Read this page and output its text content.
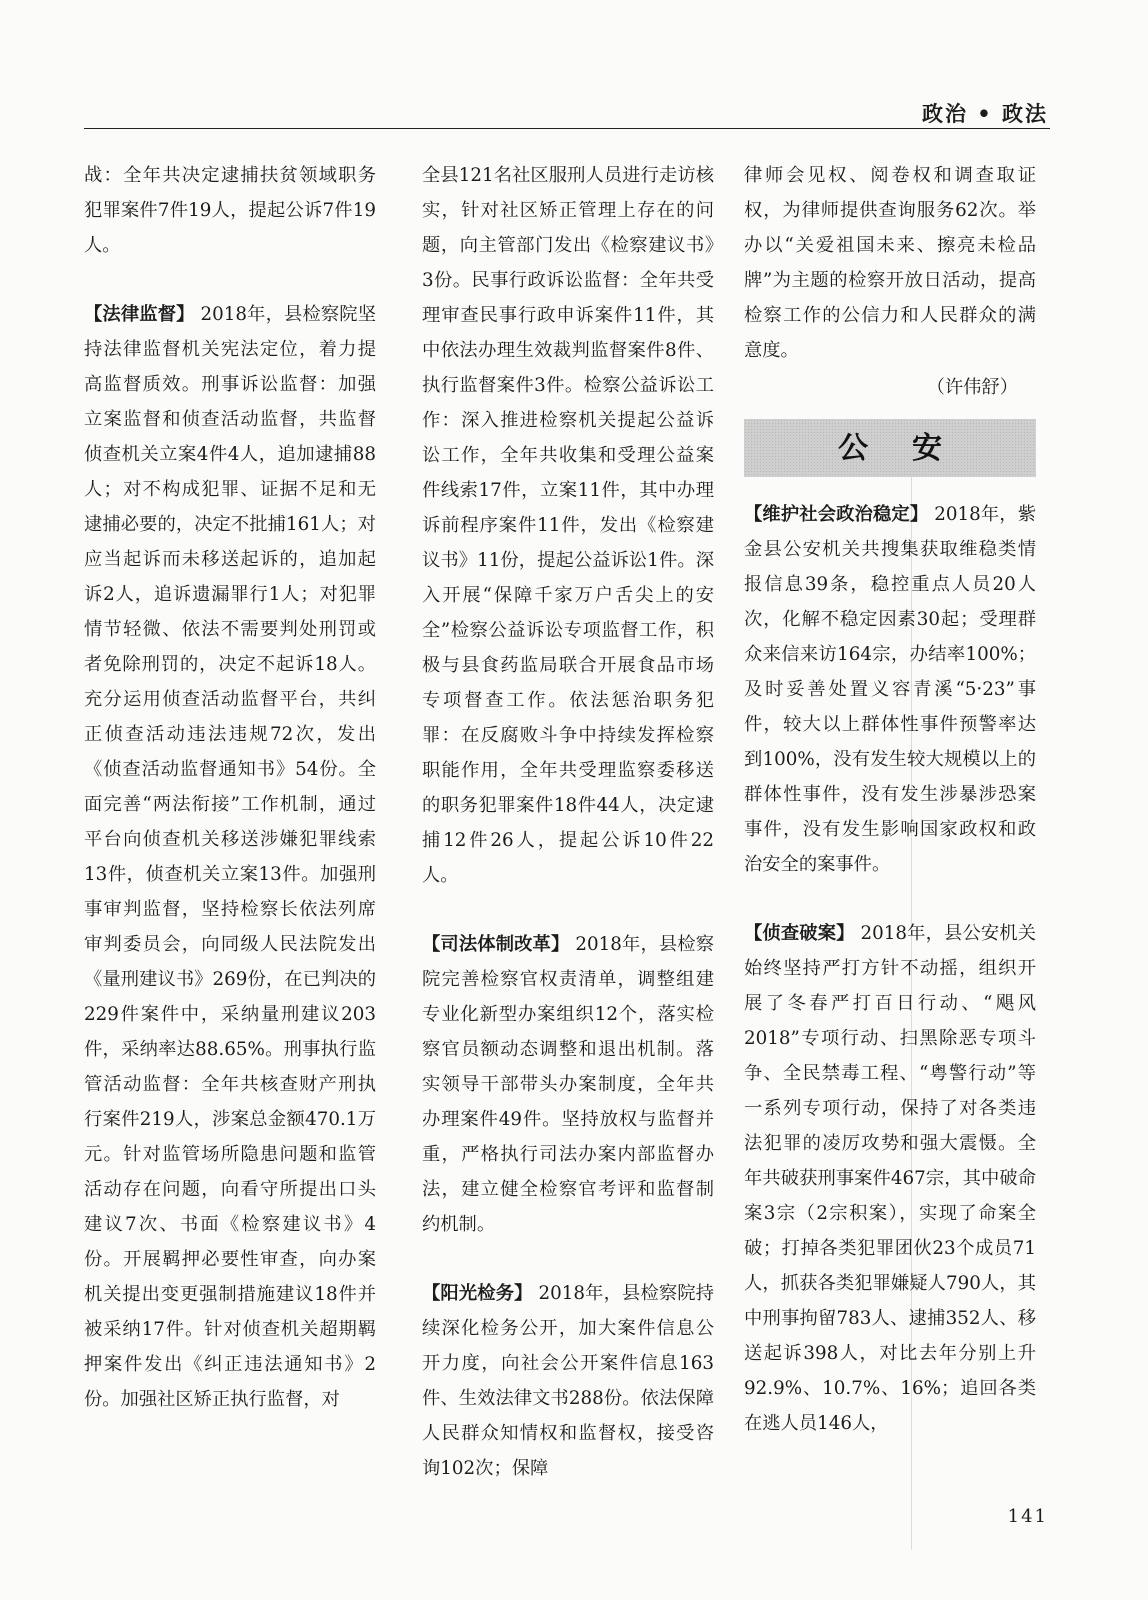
政治 • 政法

战：全年共决定逮捕扶贫领域职务犯罪案件7件19人，提起公诉7件19人。

【法律监督】 2018年，县检察院坚持法律监督机关宪法定位，着力提高监督质效。刑事诉讼监督：加强立案监督和侦查活动监督，共监督侦查机关立案4件4人，追加逮捕88人；对不构成犯罪、证据不足和无逮捕必要的，决定不批捕161人；对应当起诉而未移送起诉的，追加起诉2人，追诉遗漏罪行1人；对犯罪情节轻微、依法不需要判处刑罚或者免除刑罚的，决定不起诉18人。充分运用侦查活动监督平台，共纠正侦查活动违法违规72次，发出《侦查活动监督通知书》54份。全面完善“两法衔接”工作机制，通过平台向侦查机关移送涉嫌犯罪线索13件，侦查机关立案13件。加强刑事审判监督，坚持检察长依法列席审判委员会，向同级人民法院发出《量刑建议书》269份，在已判决的229件案件中，采纳量刑建议203件，采纳率达88.65%。刑事执行监管活动监督：全年共核查财产刑执行案件219人，涉案总金额470.1万元。针对监管场所隐患问题和监管活动存在问题，向看守所提出口头建议7次、书面《检察建议书》4份。开展羁押必要性审查，向办案机关提出变更强制措施建议18件并被采纳17件。针对侦查机关超期羁押案件发出《纠正违法通知书》2份。加强社区矫正执行监督，对

全县121名社区服刑人员进行走访核实，针对社区矫正管理上存在的问题，向主管部门发出《检察建议书》3份。民事行政诉讼监督：全年共受理审查民事行政申诉案件11件，其中依法办理生效裁判监督案件8件、执行监督案件3件。检察公益诉讼工作：深入推进检察机关提起公益诉讼工作，全年共收集和受理公益案件线索17件，立案11件，其中办理诉前程序案件11件，发出《检察建议书》11份，提起公益诉讼1件。深入开展“保障千家万户舌尖上的安全”检察公益诉讼专项监督工作，积极与县食药监局联合开展食品市场专项督查工作。依法惩治职务犯罪：在反腐败斗争中持续发挥检察职能作用，全年共受理监察委移送的职务犯罪案件18件44人，决定逮捕12件26人，提起公诉10件22人。

【司法体制改革】 2018年，县检察院完善检察官权责清单，调整组建专业化新型办案组织12个，落实检察官员额动态调整和退出机制。落实领导干部带头办案制度，全年共办理案件49件。坚持放权与监督并重，严格执行司法办案内部监督办法，建立健全检察官考评和监督制约机制。

【阳光检务】 2018年，县检察院持续深化检务公开，加大案件信息公开力度，向社会公开案件信息163件、生效法律文书288份。依法保障人民群众知情权和监督权，接受咨询102次；保障

律师会见权、阅卷权和调查取证权，为律师提供查询服务62次。举办以“关爱祖国未来、擦亮未检品牌”为主题的检察开放日活动，提高检察工作的公信力和人民群众的满意度。

（许伟舒）

公安

【维护社会政治稳定】 2018年，紫金县公安机关共搜集获取维稳类情报信息39条，稳控重点人员20人次，化解不稳定因素30起；受理群众来信来访164宗，办结率100%；及时妥善处置义容青溪“5·23”事件，较大以上群体性事件预警率达到100%，没有发生较大规模以上的群体性事件，没有发生涉暴涉恐案事件，没有发生影响国家政权和政治安全的案事件。

【侦查破案】 2018年，县公安机关始终坚持严打方针不动摇，组织开展了冬春严打百日行动、“飓风2018”专项行动、扫黑除恶专项斗争、全民禁毒工程、“粤警行动”等一系列专项行动，保持了对各类违法犯罪的凌厉攻势和强大震慑。全年共破获刑事案件467宗，其中破命案3宗（2宗积案），实现了命案全破；打掉各类犯罪团伙23个成员71人，抓获各类犯罪嫌疑人790人，其中刑事拘留783人、逮捕352人、移送起诉398人，对比去年分别上升92.9%、10.7%、16%；追回各类在逃人员146人，

141
